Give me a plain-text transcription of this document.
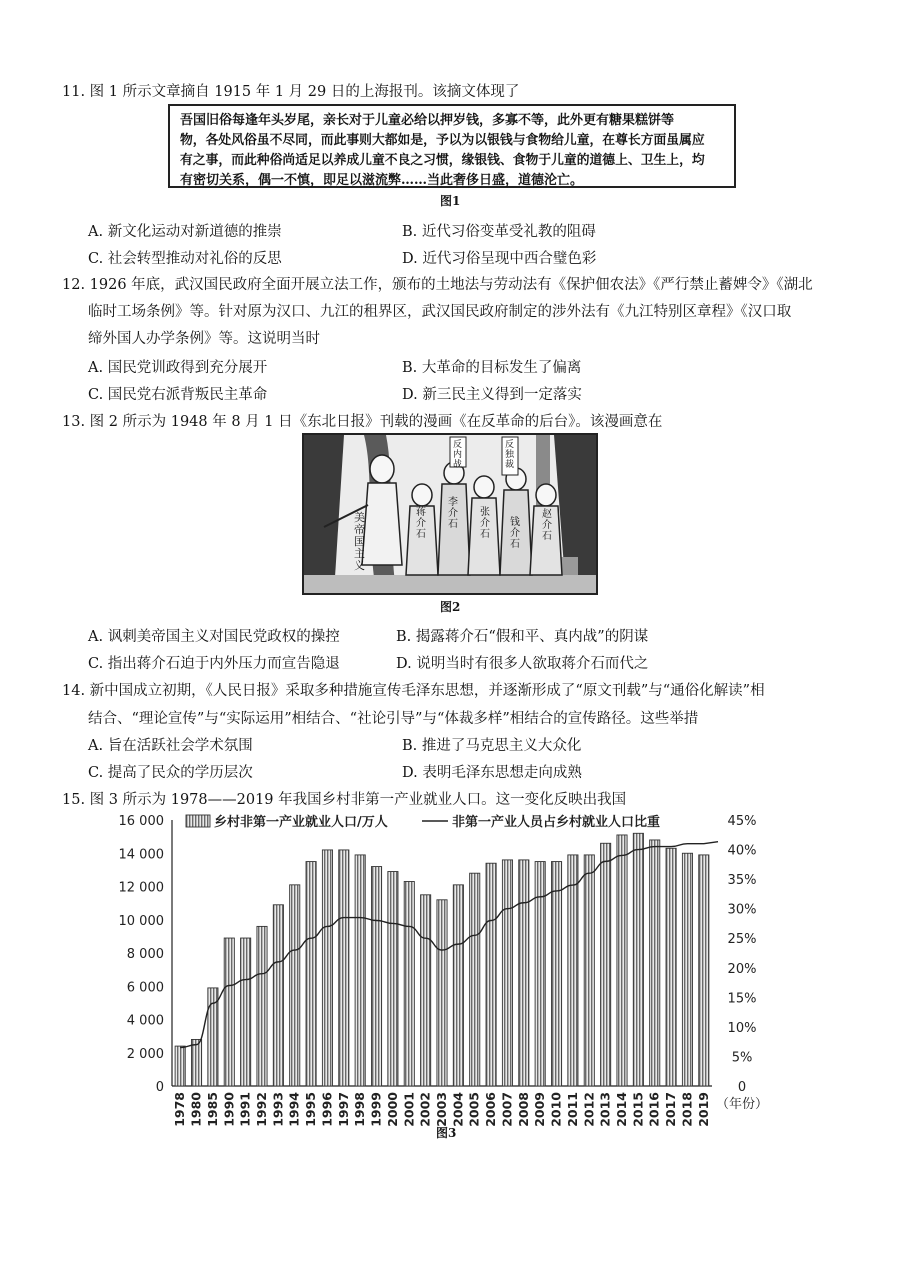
11. 图 1 所示文章摘自 1915 年 1 月 29 日的上海报刊。该摘文体现了
吾国旧俗每逢年头岁尾，亲长对于儿童必给以押岁钱，多寡不等，此外更有糖果糕饼等
物，各处风俗虽不尽同，而此事则大都如是，予以为以银钱与食物给儿童，在尊长方面虽属应
有之事，而此种俗尚适足以养成儿童不良之习惯，缘银钱、食物于儿童的道德上、卫生上，均
有密切关系，偶一不慎，即足以滋流弊……当此奢侈日盛，道德沦亡。
图1
A. 新文化运动对新道德的推崇	B. 近代习俗变革受礼教的阻碍
C. 社会转型推动对礼俗的反思	D. 近代习俗呈现中西合璧色彩
12. 1926 年底，武汉国民政府全面开展立法工作，颁布的土地法与劳动法有《保护佃农法》《严行禁止蓄婢令》《湖北
临时工场条例》等。针对原为汉口、九江的租界区，武汉国民政府制定的涉外法有《九江特别区章程》《汉口取
缔外国人办学条例》等。这说明当时
A. 国民党训政得到充分展开	B. 大革命的目标发生了偏离
C. 国民党右派背叛民主革命	D. 新三民主义得到一定落实
13. 图 2 所示为 1948 年 8 月 1 日《东北日报》刊载的漫画《在反革命的后台》。该漫画意在
美帝国主义
蒋介石
李介石
张介石
钱介石
赵介石
反内战
反独裁
图2
A. 讽刺美帝国主义对国民党政权的操控	B. 揭露蒋介石“假和平、真内战”的阴谋
C. 指出蒋介石迫于内外压力而宣告隐退	D. 说明当时有很多人欲取蒋介石而代之
14. 新中国成立初期，《人民日报》采取多种措施宣传毛泽东思想，并逐渐形成了“原文刊载”与“通俗化解读”相
结合、“理论宣传”与“实际运用”相结合、“社论引导”与“体裁多样”相结合的宣传路径。这些举措
A. 旨在活跃社会学术氛围	B. 推进了马克思主义大众化
C. 提高了民众的学历层次	D. 表明毛泽东思想走向成熟
15. 图 3 所示为 1978——2019 年我国乡村非第一产业就业人口。这一变化反映出我国
0
2 000
4 000
6 000
8 000
10 000
12 000
14 000
16 000
0
5%
10%
15%
20%
25%
30%
35%
40%
45%
1978 1980 1985 1990 1991 1992 1993 1994 1995 1996 1997 1998 1999 2000 2001 2002 2003 2004 2005 2006 2007 2008 2009 2010 2011 2012 2013 2014 2015 2016 2017 2018 2019 （年份）
乡村非第一产业就业人口/万人	非第一产业人员占乡村就业人口比重
图3
